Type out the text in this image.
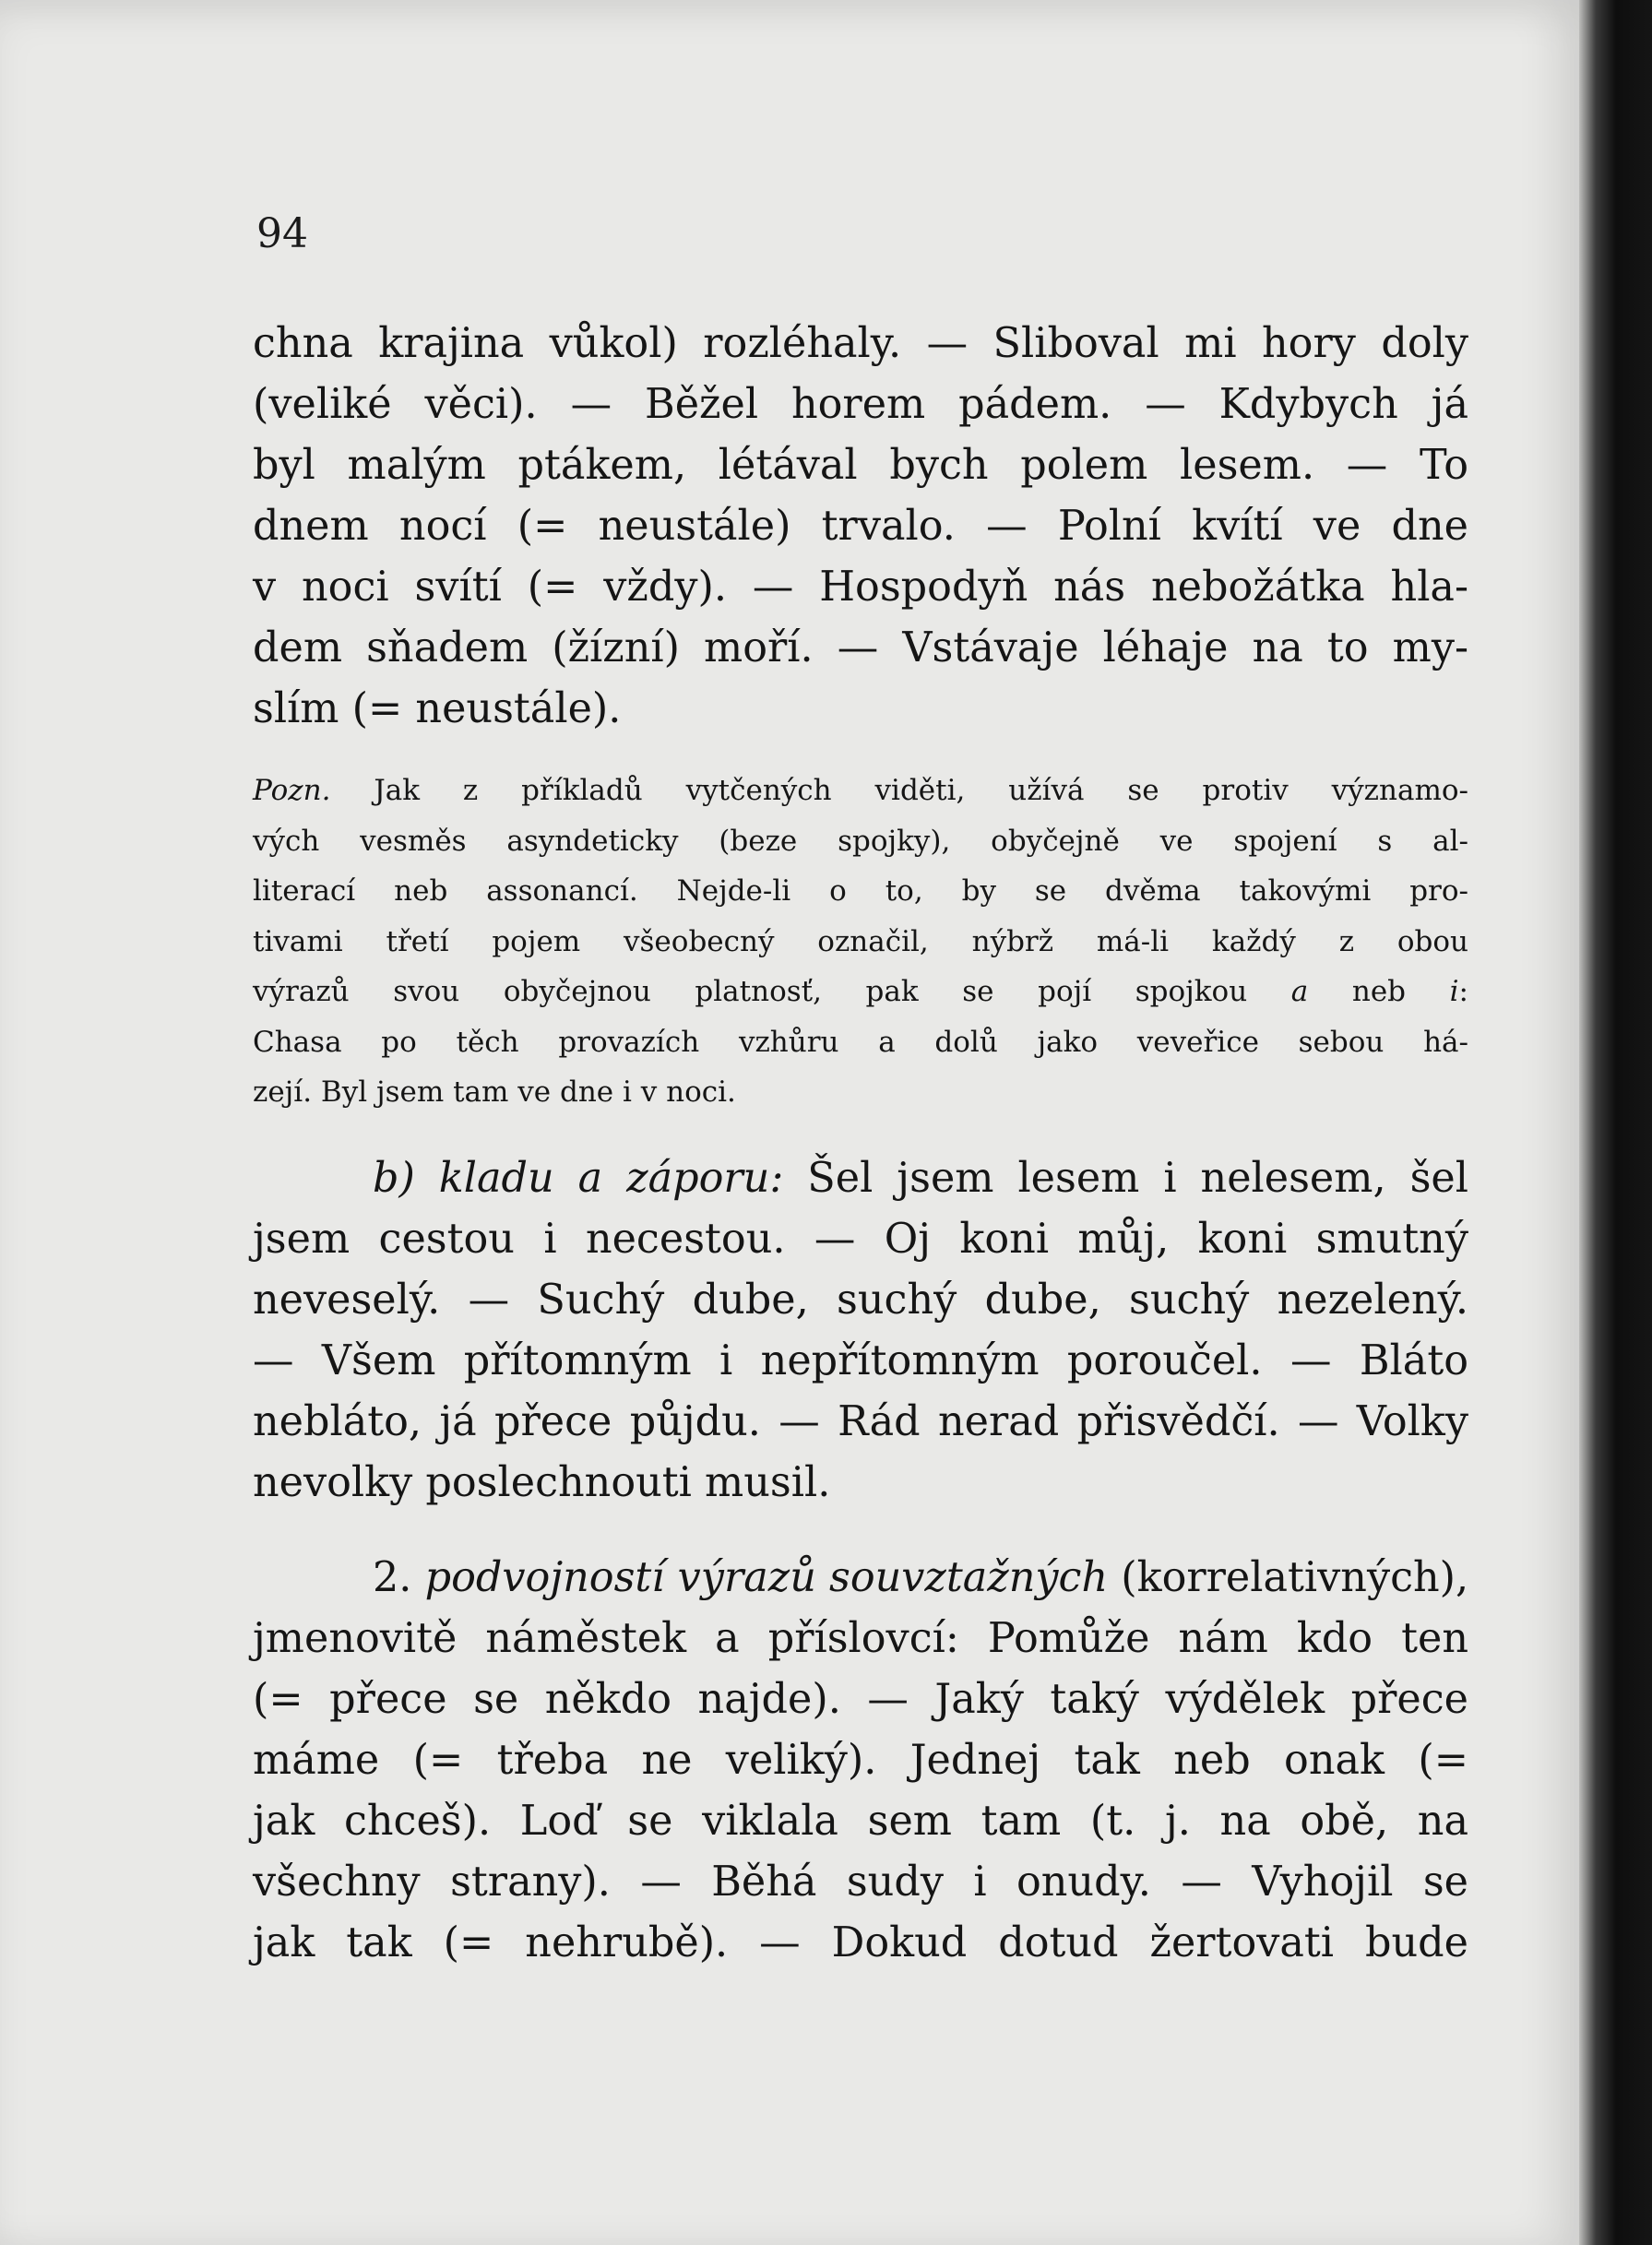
94
chna krajina vůkol) rozléhaly. — Sliboval mi hory doly
(veliké věci). — Běžel horem pádem. — Kdybych já
byl malým ptákem, létával bych polem lesem. — To
dnem nocí (= neustále) trvalo. — Polní kvítí ve dne
v noci svítí (= vždy). — Hospodyň nás nebožátka hla-
dem sňadem (žízní) moří. — Vstávaje léhaje na to my-
slím (= neustále).
Pozn. Jak z příkladů vytčených viděti, užívá se protiv významo-
vých vesměs asyndeticky (beze spojky), obyčejně ve spojení s al-
literací neb assonancí. Nejde-li o to, by se dvěma takovými pro-
tivami třetí pojem všeobecný označil, nýbrž má-li každý z obou
výrazů svou obyčejnou platnosť, pak se pojí spojkou a neb i:
Chasa po těch provazích vzhůru a dolů jako veveřice sebou há-
zejí. Byl jsem tam ve dne i v noci.
b) kladu a záporu: Šel jsem lesem i nelesem, šel
jsem cestou i necestou. — Oj koni můj, koni smutný
neveselý. — Suchý dube, suchý dube, suchý nezelený.
— Všem přítomným i nepřítomným poroučel. — Bláto
nebláto, já přece půjdu. — Rád nerad přisvědčí. — Volky
nevolky poslechnouti musil.
2. podvojností výrazů souvztažných (korrelativných),
jmenovitě náměstek a příslovcí: Pomůže nám kdo ten
(= přece se někdo najde). — Jaký taký výdělek přece
máme (= třeba ne veliký). Jednej tak neb onak (=
jak chceš). Loď se viklala sem tam (t. j. na obě, na
všechny strany). — Běhá sudy i onudy. — Vyhojil se
jak tak (= nehrubě). — Dokud dotud žertovati bude
